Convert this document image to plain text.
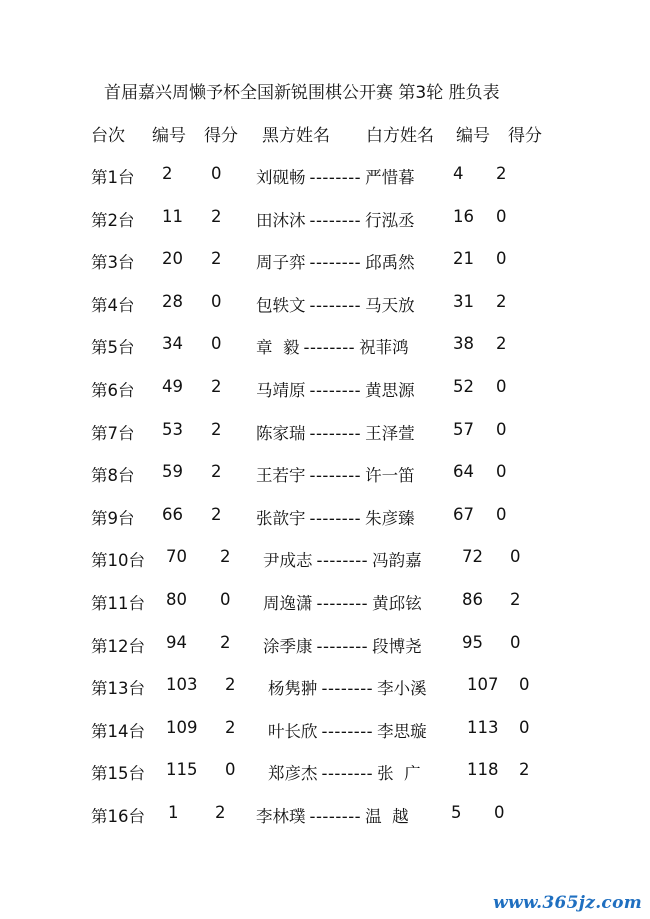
首届嘉兴周懒予杯全国新锐围棋公开赛 第3轮 胜负表
台次 编号 得分 黑方姓名 白方姓名 编号 得分
第1台 2 0 刘砚畅 -------- 严惜暮 4 2
第2台 11 2 田沐沐 -------- 行泓丞 16 0
第3台 20 2 周子弈 -------- 邱禹然 21 0
第4台 28 0 包轶文 -------- 马天放 31 2
第5台 34 0 章  毅 -------- 祝菲鸿	38 2
第6台 49 2 马靖原 -------- 黄思源 52 0
第7台 53 2 陈家瑞 -------- 王泽萱 57 0
第8台 59 2 王若宇 -------- 许一笛 64 0
第9台 66 2 张歆宇 -------- 朱彦臻 67 0
第10台 70 2 尹成志 -------- 冯韵嘉 72 0
第11台 80 0 周逸潇 -------- 黄邱铉 86 2
第12台 94 2 涂季康 -------- 段博尧 95 0
第13台 103 2 杨隽翀 -------- 李小溪 107 0
第14台 109 2 叶长欣 -------- 李思璇 113 0
第15台 115 0 郑彦杰 -------- 张  广	118 2
第16台 1 2 李林璞 -------- 温  越	5 0
www.365jz.com
